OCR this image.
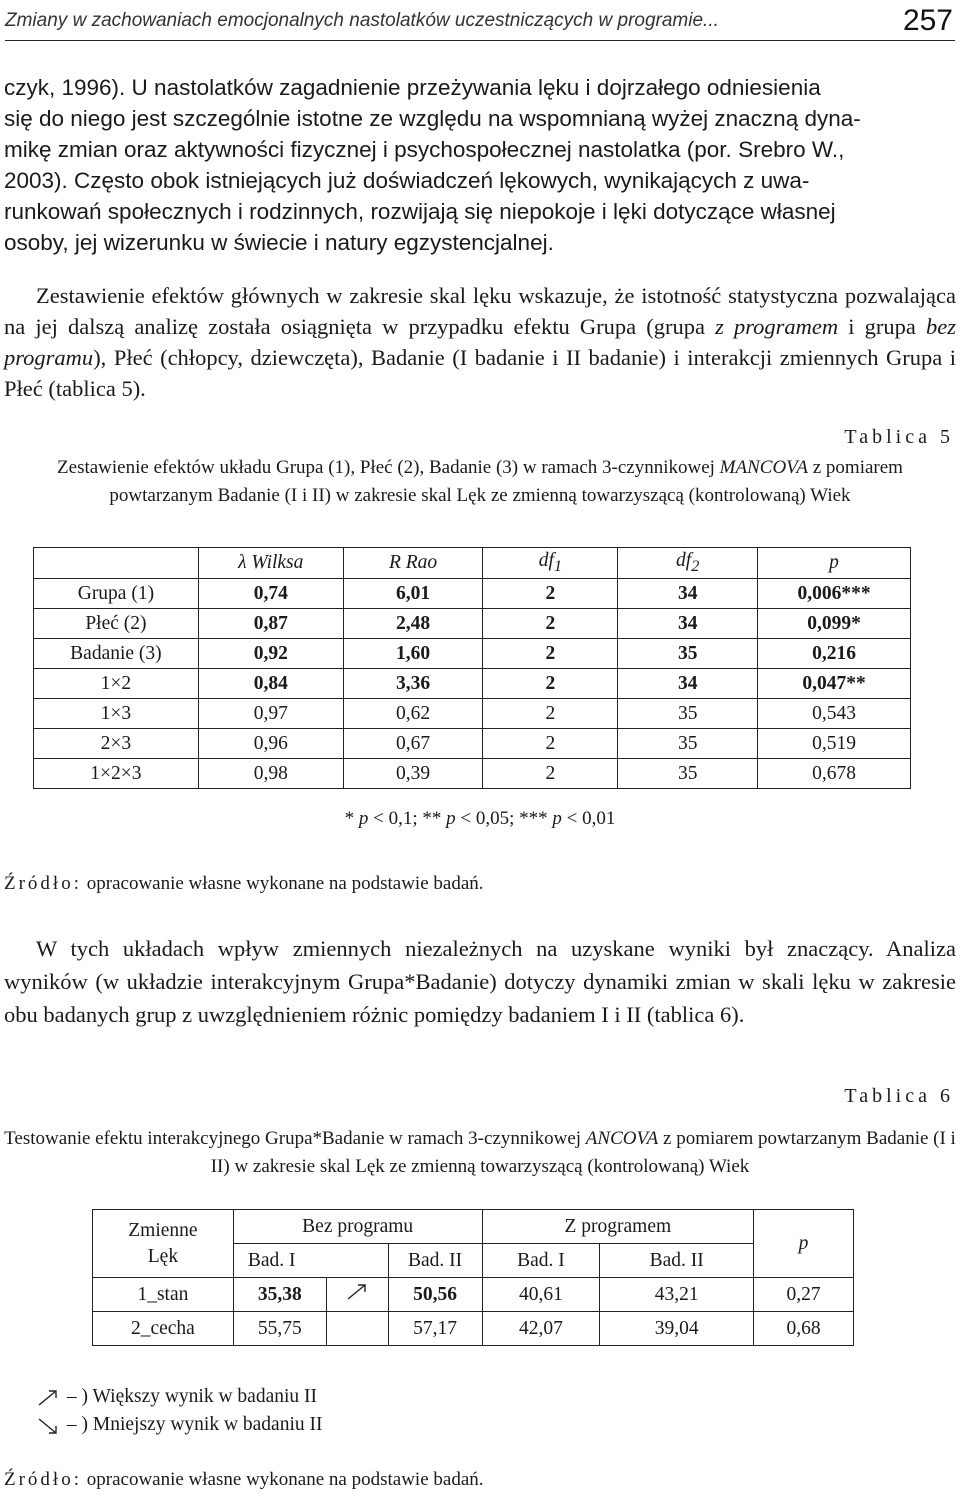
Zmiany w zachowaniach emocjonalnych nastolatków uczestniczących w programie...	257

czyk, 1996). U nastolatków zagadnienie przeżywania lęku i dojrzałego odniesienia

się do niego jest szczególnie istotne ze względu na wspomnianą wyżej znaczną dyna-

mikę zmian oraz aktywności fizycznej i psychospołecznej nastolatka (por. Srebro W.,

2003). Często obok istniejących już doświadczeń lękowych, wynikających z uwa-

runkowań społecznych i rodzinnych, rozwijają się niepokoje i lęki dotyczące własnej

osoby, jej wizerunku w świecie i natury egzystencjalnej.

Zestawienie efektów głównych w zakresie skal lęku wskazuje, że istotność statystyczna pozwalająca na jej dalszą analizę została osiągnięta w przypadku efektu Grupa (grupa z programem i grupa bez programu), Płeć (chłopcy, dziewczęta), Badanie (I badanie i II badanie) i interakcji zmiennych Grupa i Płeć (tablica 5).

Tablica 5
Zestawienie efektów układu Grupa (1), Płeć (2), Badanie (3) w ramach 3-czynnikowej MANCOVA z pomiarem powtarzanym Badanie (I i II) w zakresie skal Lęk ze zmienną towarzyszącą (kontrolowaną) Wiek
	λ Wilksa	R Rao	$df_1$	$df_2$	p
Grupa (1)	0,74	6,01	2	34	0,006***
Płeć (2)	0,87	2,48	2	34	0,099*
Badanie (3)	0,92	1,60	2	35	0,216
1×2	0,84	3,36	2	34	0,047**
1×3	0,97	0,62	2	35	0,543
2×3	0,96	0,67	2	35	0,519
1×2×3	0,98	0,39	2	35	0,678
* p < 0,1; ** p < 0,05; *** p < 0,01
Źródło: opracowanie własne wykonane na podstawie badań.

W tych układach wpływ zmiennych niezależnych na uzyskane wyniki był znaczący. Analiza wyników (w układzie interakcyjnym Grupa*Badanie) dotyczy dynamiki zmian w skali lęku w zakresie obu badanych grup z uwzględnieniem różnic pomiędzy badaniem I i II (tablica 6).

Tablica 6
Testowanie efektu interakcyjnego Grupa*Badanie w ramach 3-czynnikowej ANCOVA z pomiarem powtarzanym Badanie (I i II) w zakresie skal Lęk ze zmienną towarzyszącą (kontrolowaną) Wiek
Zmienne
Lęk	Bez programu			Z programem		p
	Bad. I		Bad. II	Bad. I	Bad. II	
1_stan	35,38		50,56	40,61	43,21	0,27
2_cecha	55,75		57,17	42,07	39,04	0,68
– ) Większy wynik w badaniu II
– ) Mniejszy wynik w badaniu II
Źródło: opracowanie własne wykonane na podstawie badań.
